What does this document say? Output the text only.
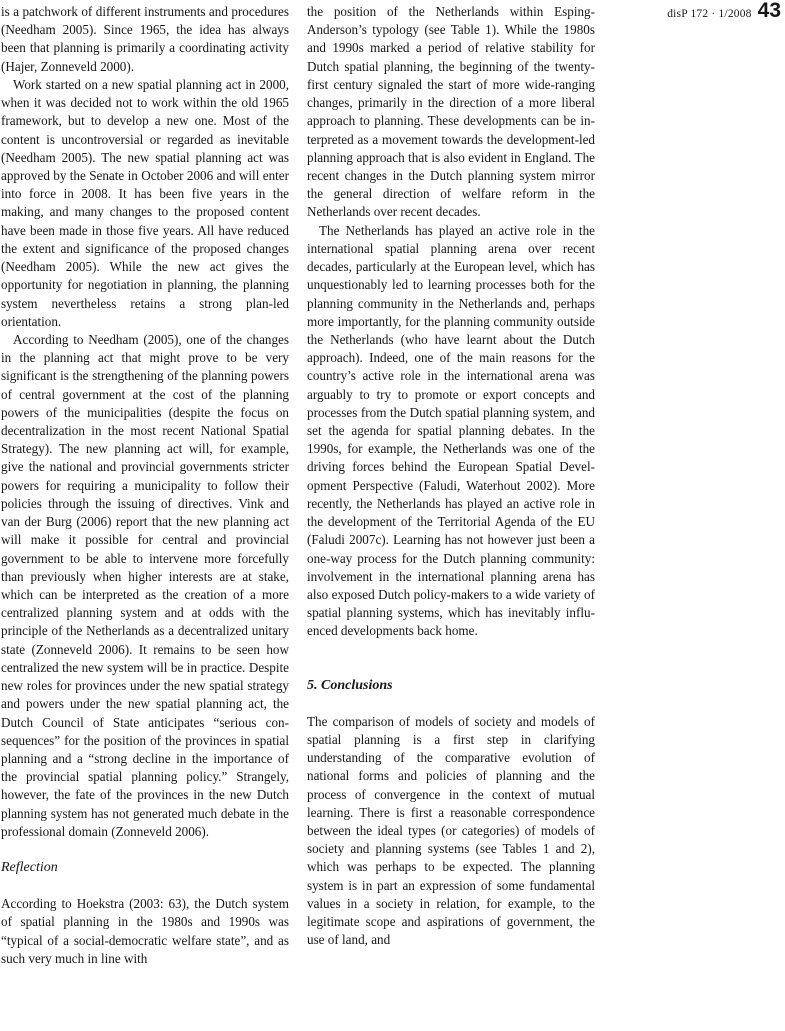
disP 172 · 1/2008 43

is a patchwork of different instruments and procedures (Needham 2005). Since 1965, the idea has always been that planning is primarily a coordinating activity (Hajer, Zonneveld 2000).

Work started on a new spatial planning act in 2000, when it was decided not to work within the old 1965 framework, but to develop a new one. Most of the content is uncontroversial or regarded as inevitable (Needham 2005). The new spatial planning act was approved by the Senate in October 2006 and will enter into force in 2008. It has been five years in the making, and many changes to the proposed content have been made in those five years. All have reduced the extent and significance of the proposed changes (Needham 2005). While the new act gives the opportunity for negotiation in planning, the planning system nevertheless retains a strong plan-led orientation.

According to Needham (2005), one of the changes in the planning act that might prove to be very significant is the strengthening of the planning powers of central government at the cost of the planning powers of the municipalities (despite the focus on decentralization in the most recent National Spatial Strategy). The new planning act will, for example, give the national and provincial governments stricter powers for requiring a municipality to follow their policies through the issuing of directives. Vink and van der Burg (2006) report that the new planning act will make it possible for central and provincial government to be able to intervene more forcefully than previously when higher interests are at stake, which can be interpreted as the creation of a more centralized planning system and at odds with the principle of the Netherlands as a decentralized unitary state (Zonneveld 2006). It remains to be seen how centralized the new system will be in practice. Despite new roles for provinces under the new spatial strategy and powers under the new spatial planning act, the Dutch Council of State anticipates “serious consequences” for the position of the provinces in spatial planning and a “strong decline in the importance of the provincial spatial planning policy.” Strangely, however, the fate of the provinces in the new Dutch planning system has not generated much debate in the professional domain (Zonneveld 2006).

Reflection

According to Hoekstra (2003: 63), the Dutch system of spatial planning in the 1980s and 1990s was “typical of a social-democratic welfare state”, and as such very much in line with

the position of the Netherlands within Esping-Anderson’s typology (see Table 1). While the 1980s and 1990s marked a period of relative stability for Dutch spatial planning, the beginning of the twenty-first century signaled the start of more wide-ranging changes, primarily in the direction of a more liberal approach to planning. These developments can be interpreted as a movement towards the development-led planning approach that is also evident in England. The recent changes in the Dutch planning system mirror the general direction of welfare reform in the Netherlands over recent decades.

The Netherlands has played an active role in the international spatial planning arena over recent decades, particularly at the European level, which has unquestionably led to learning processes both for the planning community in the Netherlands and, perhaps more importantly, for the planning community outside the Netherlands (who have learnt about the Dutch approach). Indeed, one of the main reasons for the country’s active role in the international arena was arguably to try to promote or export concepts and processes from the Dutch spatial planning system, and set the agenda for spatial planning debates. In the 1990s, for example, the Netherlands was one of the driving forces behind the European Spatial Development Perspective (Faludi, Waterhout 2002). More recently, the Netherlands has played an active role in the development of the Territorial Agenda of the EU (Faludi 2007c). Learning has not however just been a one-way process for the Dutch planning community: involvement in the international planning arena has also exposed Dutch policy-makers to a wide variety of spatial planning systems, which has inevitably influenced developments back home.

5. Conclusions

The comparison of models of society and models of spatial planning is a first step in clarifying understanding of the comparative evolution of national forms and policies of planning and the process of convergence in the context of mutual learning. There is first a reasonable correspondence between the ideal types (or categories) of models of society and planning systems (see Tables 1 and 2), which was perhaps to be expected. The planning system is in part an expression of some fundamental values in a society in relation, for example, to the legitimate scope and aspirations of government, the use of land, and
